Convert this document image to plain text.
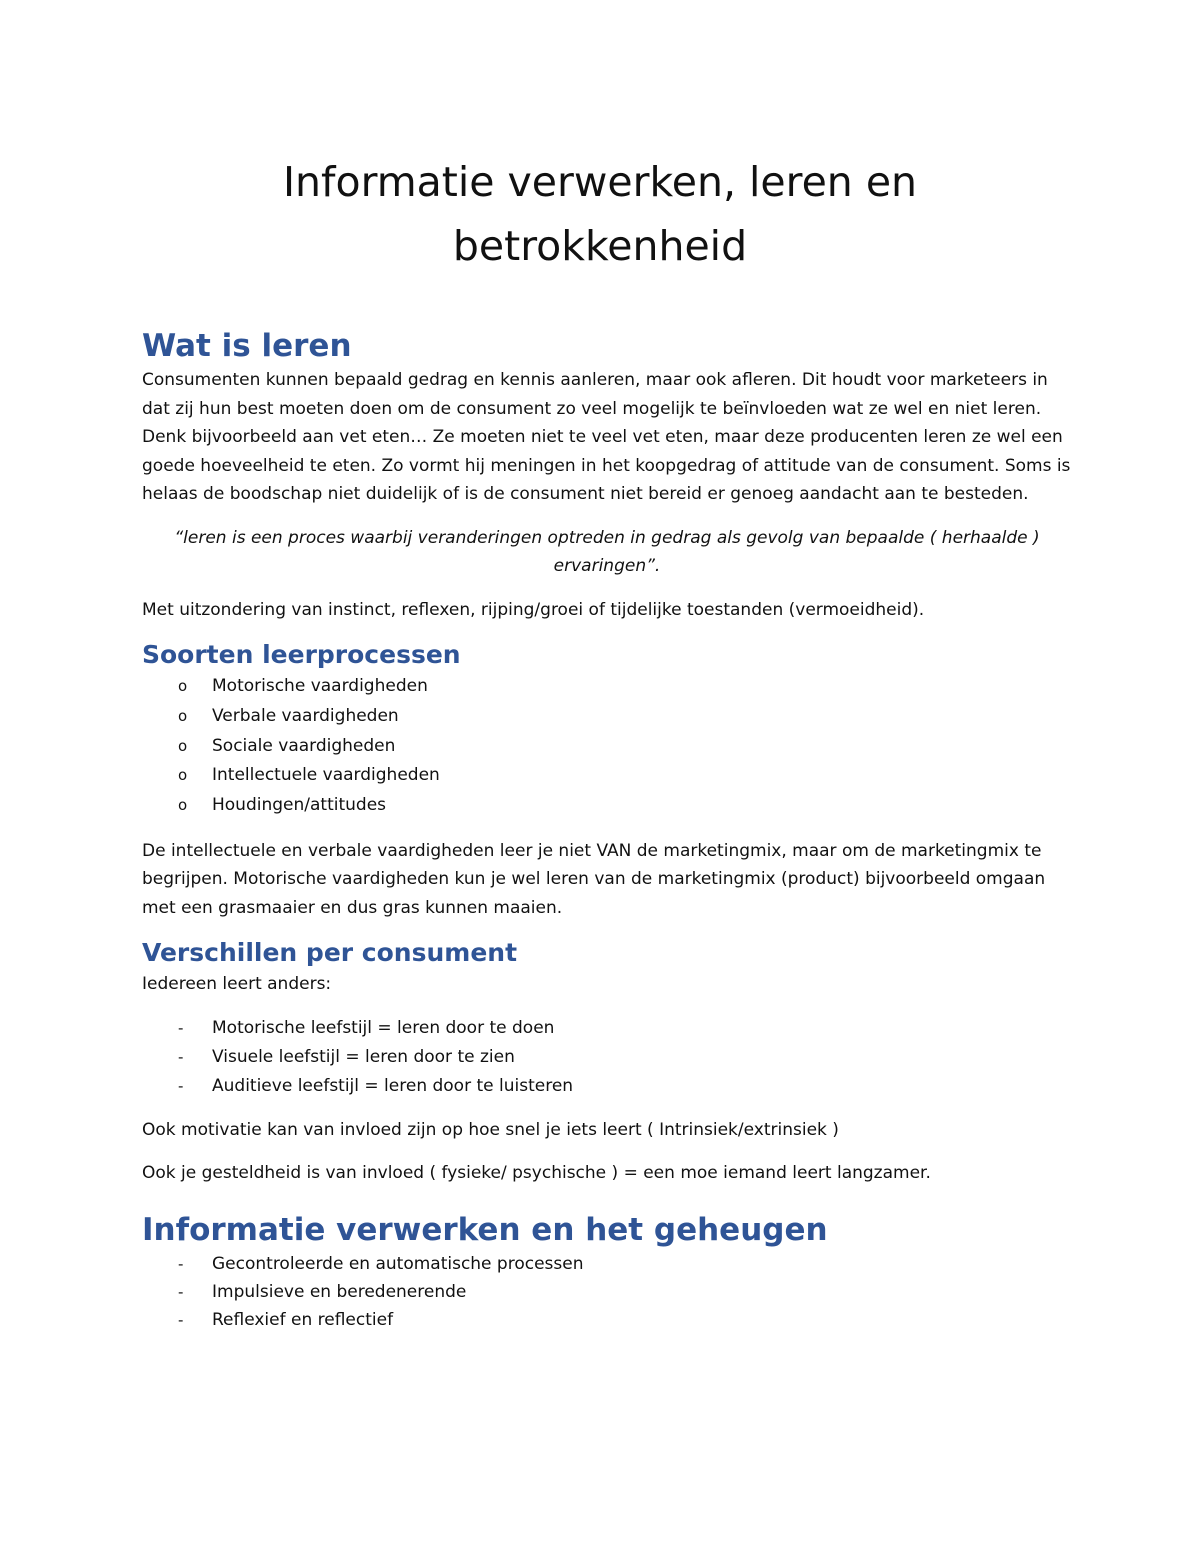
Informatie verwerken, leren en
betrokkenheid
Wat is leren

Consumenten kunnen bepaald gedrag en kennis aanleren, maar ook afleren. Dit houdt voor marketeers in dat zij hun best moeten doen om de consument zo veel mogelijk te beïnvloeden wat ze wel en niet leren. Denk bijvoorbeeld aan vet eten… Ze moeten niet te veel vet eten, maar deze producenten leren ze wel een goede hoeveelheid te eten. Zo vormt hij meningen in het koopgedrag of attitude van de consument. Soms is helaas de boodschap niet duidelijk of is de consument niet bereid er genoeg aandacht aan te besteden.

“leren is een proces waarbij veranderingen optreden in gedrag als gevolg van bepaalde ( herhaalde ) ervaringen”.

Met uitzondering van instinct, reflexen, rijping/groei of tijdelijke toestanden (vermoeidheid).

Soorten leerprocessen
o Motorische vaardigheden
o Verbale vaardigheden
o Sociale vaardigheden
o Intellectuele vaardigheden
o Houdingen/attitudes

De intellectuele en verbale vaardigheden leer je niet VAN de marketingmix, maar om de marketingmix te begrijpen. Motorische vaardigheden kun je wel leren van de marketingmix (product) bijvoorbeeld omgaan met een grasmaaier en dus gras kunnen maaien.

Verschillen per consument

Iedereen leert anders:

- Motorische leefstijl = leren door te doen
- Visuele leefstijl = leren door te zien
- Auditieve leefstijl = leren door te luisteren

Ook motivatie kan van invloed zijn op hoe snel je iets leert ( Intrinsiek/extrinsiek )

Ook je gesteldheid is van invloed ( fysieke/ psychische ) = een moe iemand leert langzamer.

Informatie verwerken en het geheugen
- Gecontroleerde en automatische processen
- Impulsieve en beredenerende
- Reflexief en reflectief
